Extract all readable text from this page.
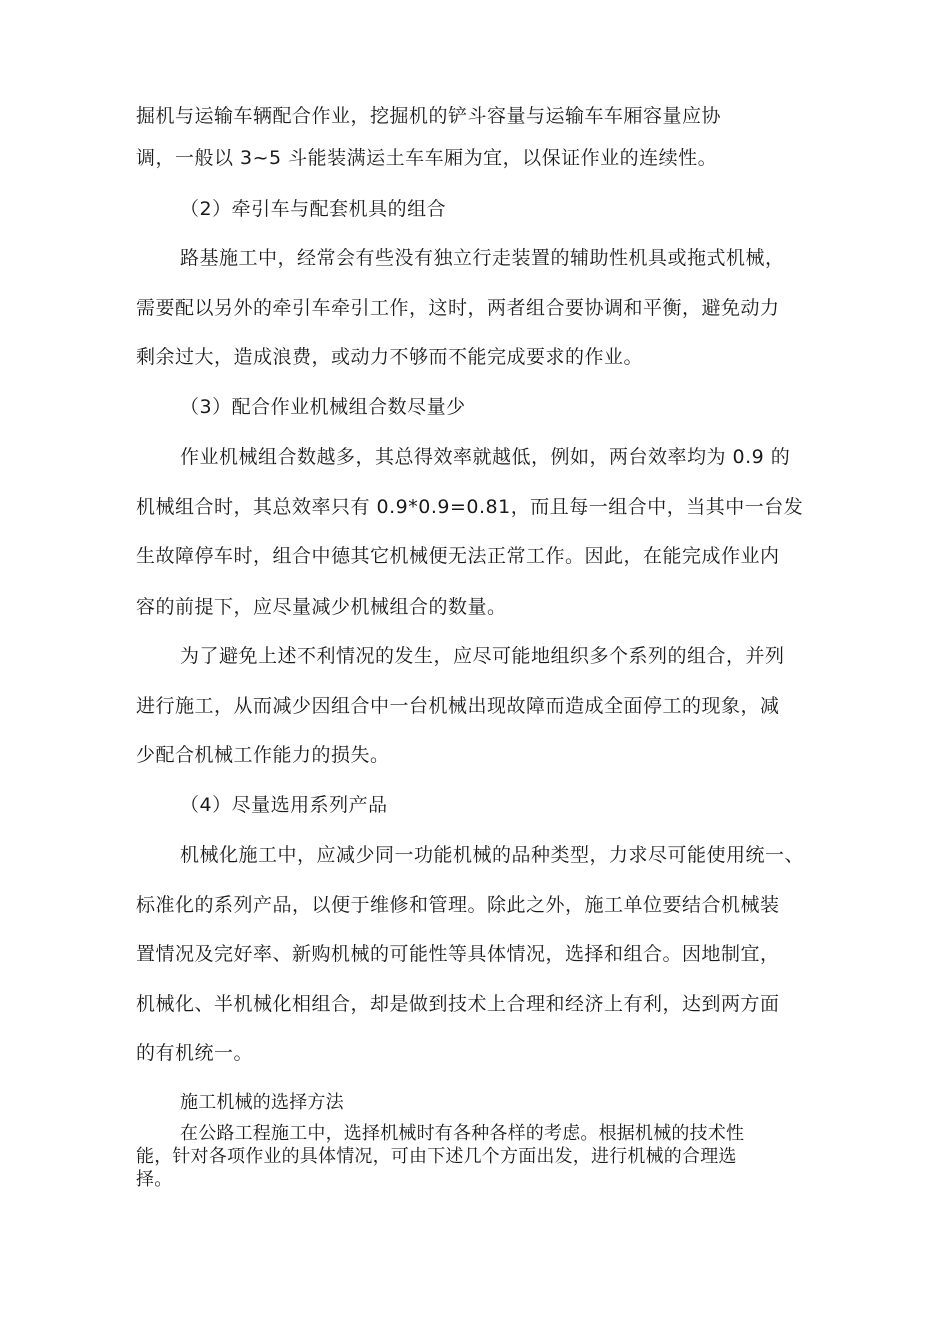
掘机与运输车辆配合作业，挖掘机的铲斗容量与运输车车厢容量应协
调，一般以 3~5 斗能装满运土车车厢为宜，以保证作业的连续性。
（2）牵引车与配套机具的组合
路基施工中，经常会有些没有独立行走装置的辅助性机具或拖式机械，
需要配以另外的牵引车牵引工作，这时，两者组合要协调和平衡，避免动力
剩余过大，造成浪费，或动力不够而不能完成要求的作业。
（3）配合作业机械组合数尽量少
作业机械组合数越多，其总得效率就越低，例如，两台效率均为 0.9 的
机械组合时，其总效率只有 0.9*0.9=0.81，而且每一组合中，当其中一台发
生故障停车时，组合中德其它机械便无法正常工作。因此，在能完成作业内
容的前提下，应尽量减少机械组合的数量。
为了避免上述不利情况的发生，应尽可能地组织多个系列的组合，并列
进行施工，从而减少因组合中一台机械出现故障而造成全面停工的现象，减
少配合机械工作能力的损失。
（4）尽量选用系列产品
机械化施工中，应减少同一功能机械的品种类型，力求尽可能使用统一、
标准化的系列产品，以便于维修和管理。除此之外，施工单位要结合机械装
置情况及完好率、新购机械的可能性等具体情况，选择和组合。因地制宜，
机械化、半机械化相组合，却是做到技术上合理和经济上有利，达到两方面
的有机统一。
施工机械的选择方法
在公路工程施工中，选择机械时有各种各样的考虑。根据机械的技术性
能，针对各项作业的具体情况，可由下述几个方面出发，进行机械的合理选
择。
